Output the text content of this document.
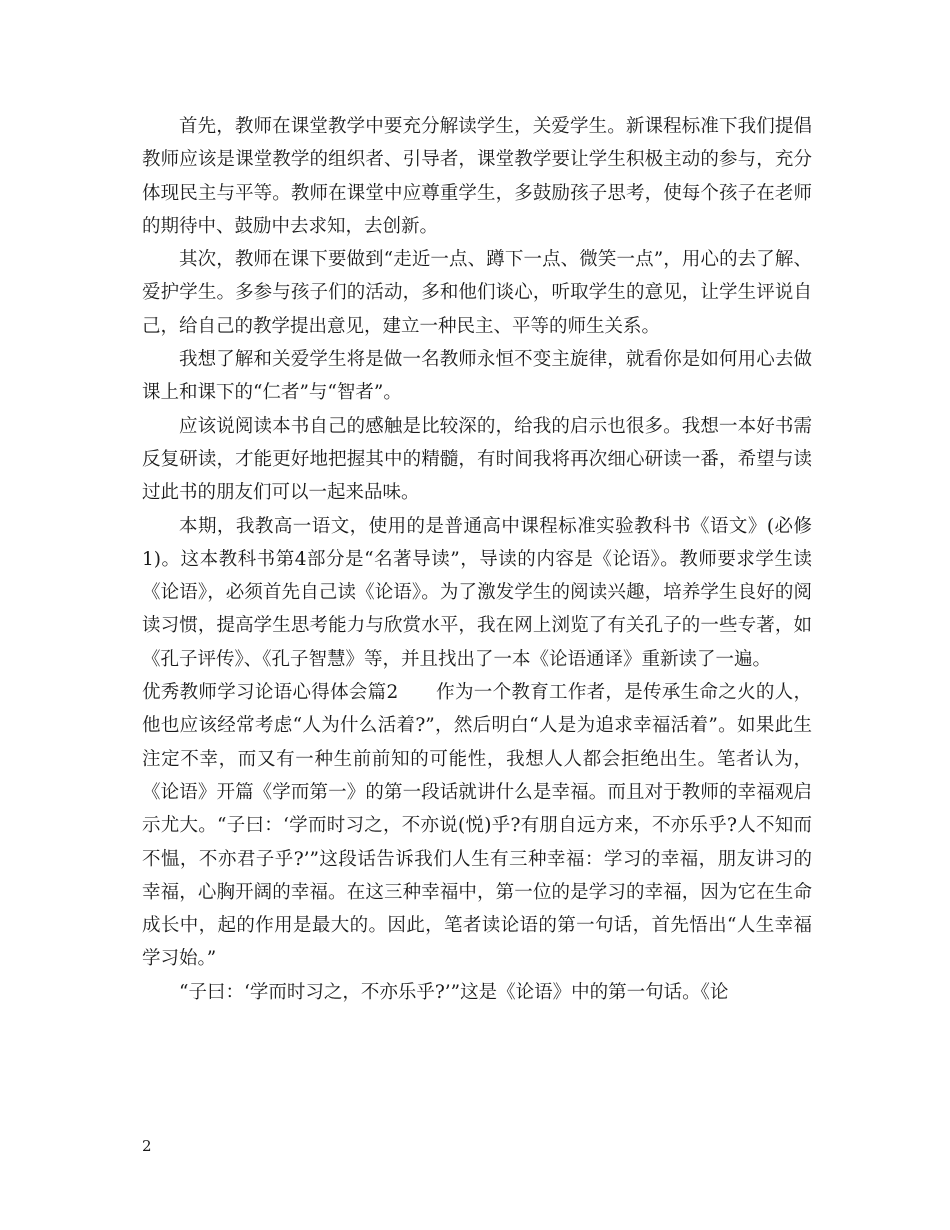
首先，教师在课堂教学中要充分解读学生，关爱学生。新课程标准下我们提倡教师应该是课堂教学的组织者、引导者，课堂教学要让学生积极主动的参与，充分体现民主与平等。教师在课堂中应尊重学生，多鼓励孩子思考，使每个孩子在老师的期待中、鼓励中去求知，去创新。

其次，教师在课下要做到“走近一点、蹲下一点、微笑一点”，用心的去了解、爱护学生。多参与孩子们的活动，多和他们谈心，听取学生的意见，让学生评说自己，给自己的教学提出意见，建立一种民主、平等的师生关系。

我想了解和关爱学生将是做一名教师永恒不变主旋律，就看你是如何用心去做课上和课下的“仁者”与“智者”。

应该说阅读本书自己的感触是比较深的，给我的启示也很多。我想一本好书需反复研读，才能更好地把握其中的精髓，有时间我将再次细心研读一番，希望与读过此书的朋友们可以一起来品味。

本期，我教高一语文，使用的是普通高中课程标准实验教科书《语文》(必修1)。这本教科书第4部分是“名著导读”，导读的内容是《论语》。教师要求学生读《论语》，必须首先自己读《论语》。为了激发学生的阅读兴趣，培养学生良好的阅读习惯，提高学生思考能力与欣赏水平，我在网上浏览了有关孔子的一些专著，如《孔子评传》、《孔子智慧》等，并且找出了一本《论语通译》重新读了一遍。

优秀教师学习论语心得体会篇2　　作为一个教育工作者，是传承生命之火的人，他也应该经常考虑“人为什么活着?”，然后明白“人是为追求幸福活着”。如果此生注定不幸，而又有一种生前前知的可能性，我想人人都会拒绝出生。笔者认为，《论语》开篇《学而第一》的第一段话就讲什么是幸福。而且对于教师的幸福观启示尤大。“子曰：‘学而时习之，不亦说(悦)乎?有朋自远方来，不亦乐乎?人不知而不愠，不亦君子乎?’”这段话告诉我们人生有三种幸福：学习的幸福，朋友讲习的幸福，心胸开阔的幸福。在这三种幸福中，第一位的是学习的幸福，因为它在生命成长中，起的作用是最大的。因此，笔者读论语的第一句话，首先悟出“人生幸福学习始。”

“子曰：‘学而时习之，不亦乐乎?’”这是《论语》中的第一句话。《论

2
